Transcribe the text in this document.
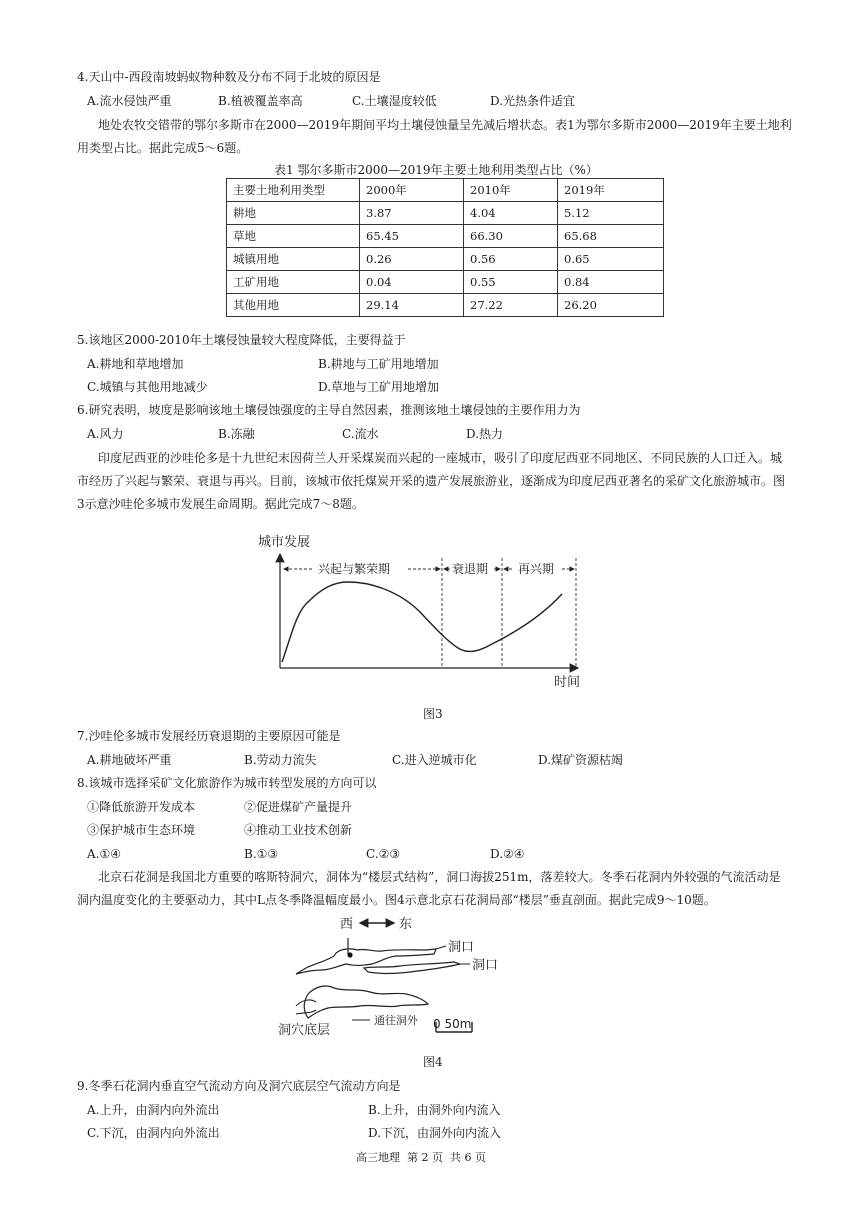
4.天山中-西段南坡蚂蚁物种数及分布不同于北坡的原因是
A.流水侵蚀严重	B.植被覆盖率高	C.土壤湿度较低	D.光热条件适宜
地处农牧交错带的鄂尔多斯市在2000—2019年期间平均土壤侵蚀量呈先减后增状态。表1为鄂尔多斯市2000—2019年主要土地利
用类型占比。据此完成5～6题。
表1 鄂尔多斯市2000—2019年主要土地利用类型占比（%）
主要土地利用类型	2000年	2010年	2019年
耕地	3.87	4.04	5.12
草地	65.45	66.30	65.68
城镇用地	0.26	0.56	0.65
工矿用地	0.04	0.55	0.84
其他用地	29.14	27.22	26.20
5.该地区2000-2010年土壤侵蚀量较大程度降低，主要得益于
A.耕地和草地增加	B.耕地与工矿用地增加
C.城镇与其他用地减少	D.草地与工矿用地增加
6.研究表明，坡度是影响该地土壤侵蚀强度的主导自然因素，推测该地土壤侵蚀的主要作用力为
A.风力	B.冻融	C.流水	D.热力
印度尼西亚的沙哇伦多是十九世纪末因荷兰人开采煤炭而兴起的一座城市，吸引了印度尼西亚不同地区、不同民族的人口迁入。城
市经历了兴起与繁荣、衰退与再兴。目前，该城市依托煤炭开采的遗产发展旅游业，逐渐成为印度尼西亚著名的采矿文化旅游城市。图
3示意沙哇伦多城市发展生命周期。据此完成7～8题。
城市发展
时间
兴起与繁荣期	衰退期 再兴期
图3
7.沙哇伦多城市发展经历衰退期的主要原因可能是
A.耕地破坏严重	B.劳动力流失	C.进入逆城市化	D.煤矿资源枯竭
8.该城市选择采矿文化旅游作为城市转型发展的方向可以
①降低旅游开发成本	②促进煤矿产量提升
③保护城市生态环境	④推动工业技术创新
A.①④	B.①③	C.②③	D.②④
北京石花洞是我国北方重要的喀斯特洞穴，洞体为“楼层式结构”，洞口海拔251m，落差较大。冬季石花洞内外较强的气流活动是
洞内温度变化的主要驱动力，其中L点冬季降温幅度最小。图4示意北京石花洞局部“楼层”垂直剖面。据此完成9～10题。
西	东
洞口
洞口
通往洞外
洞穴底层	0 50m
图4
9.冬季石花洞内垂直空气流动方向及洞穴底层空气流动方向是
A.上升，由洞内向外流出	B.上升，由洞外向内流入
C.下沉，由洞内向外流出	D.下沉，由洞外向内流入
高三地理  第 2 页  共 6 页
